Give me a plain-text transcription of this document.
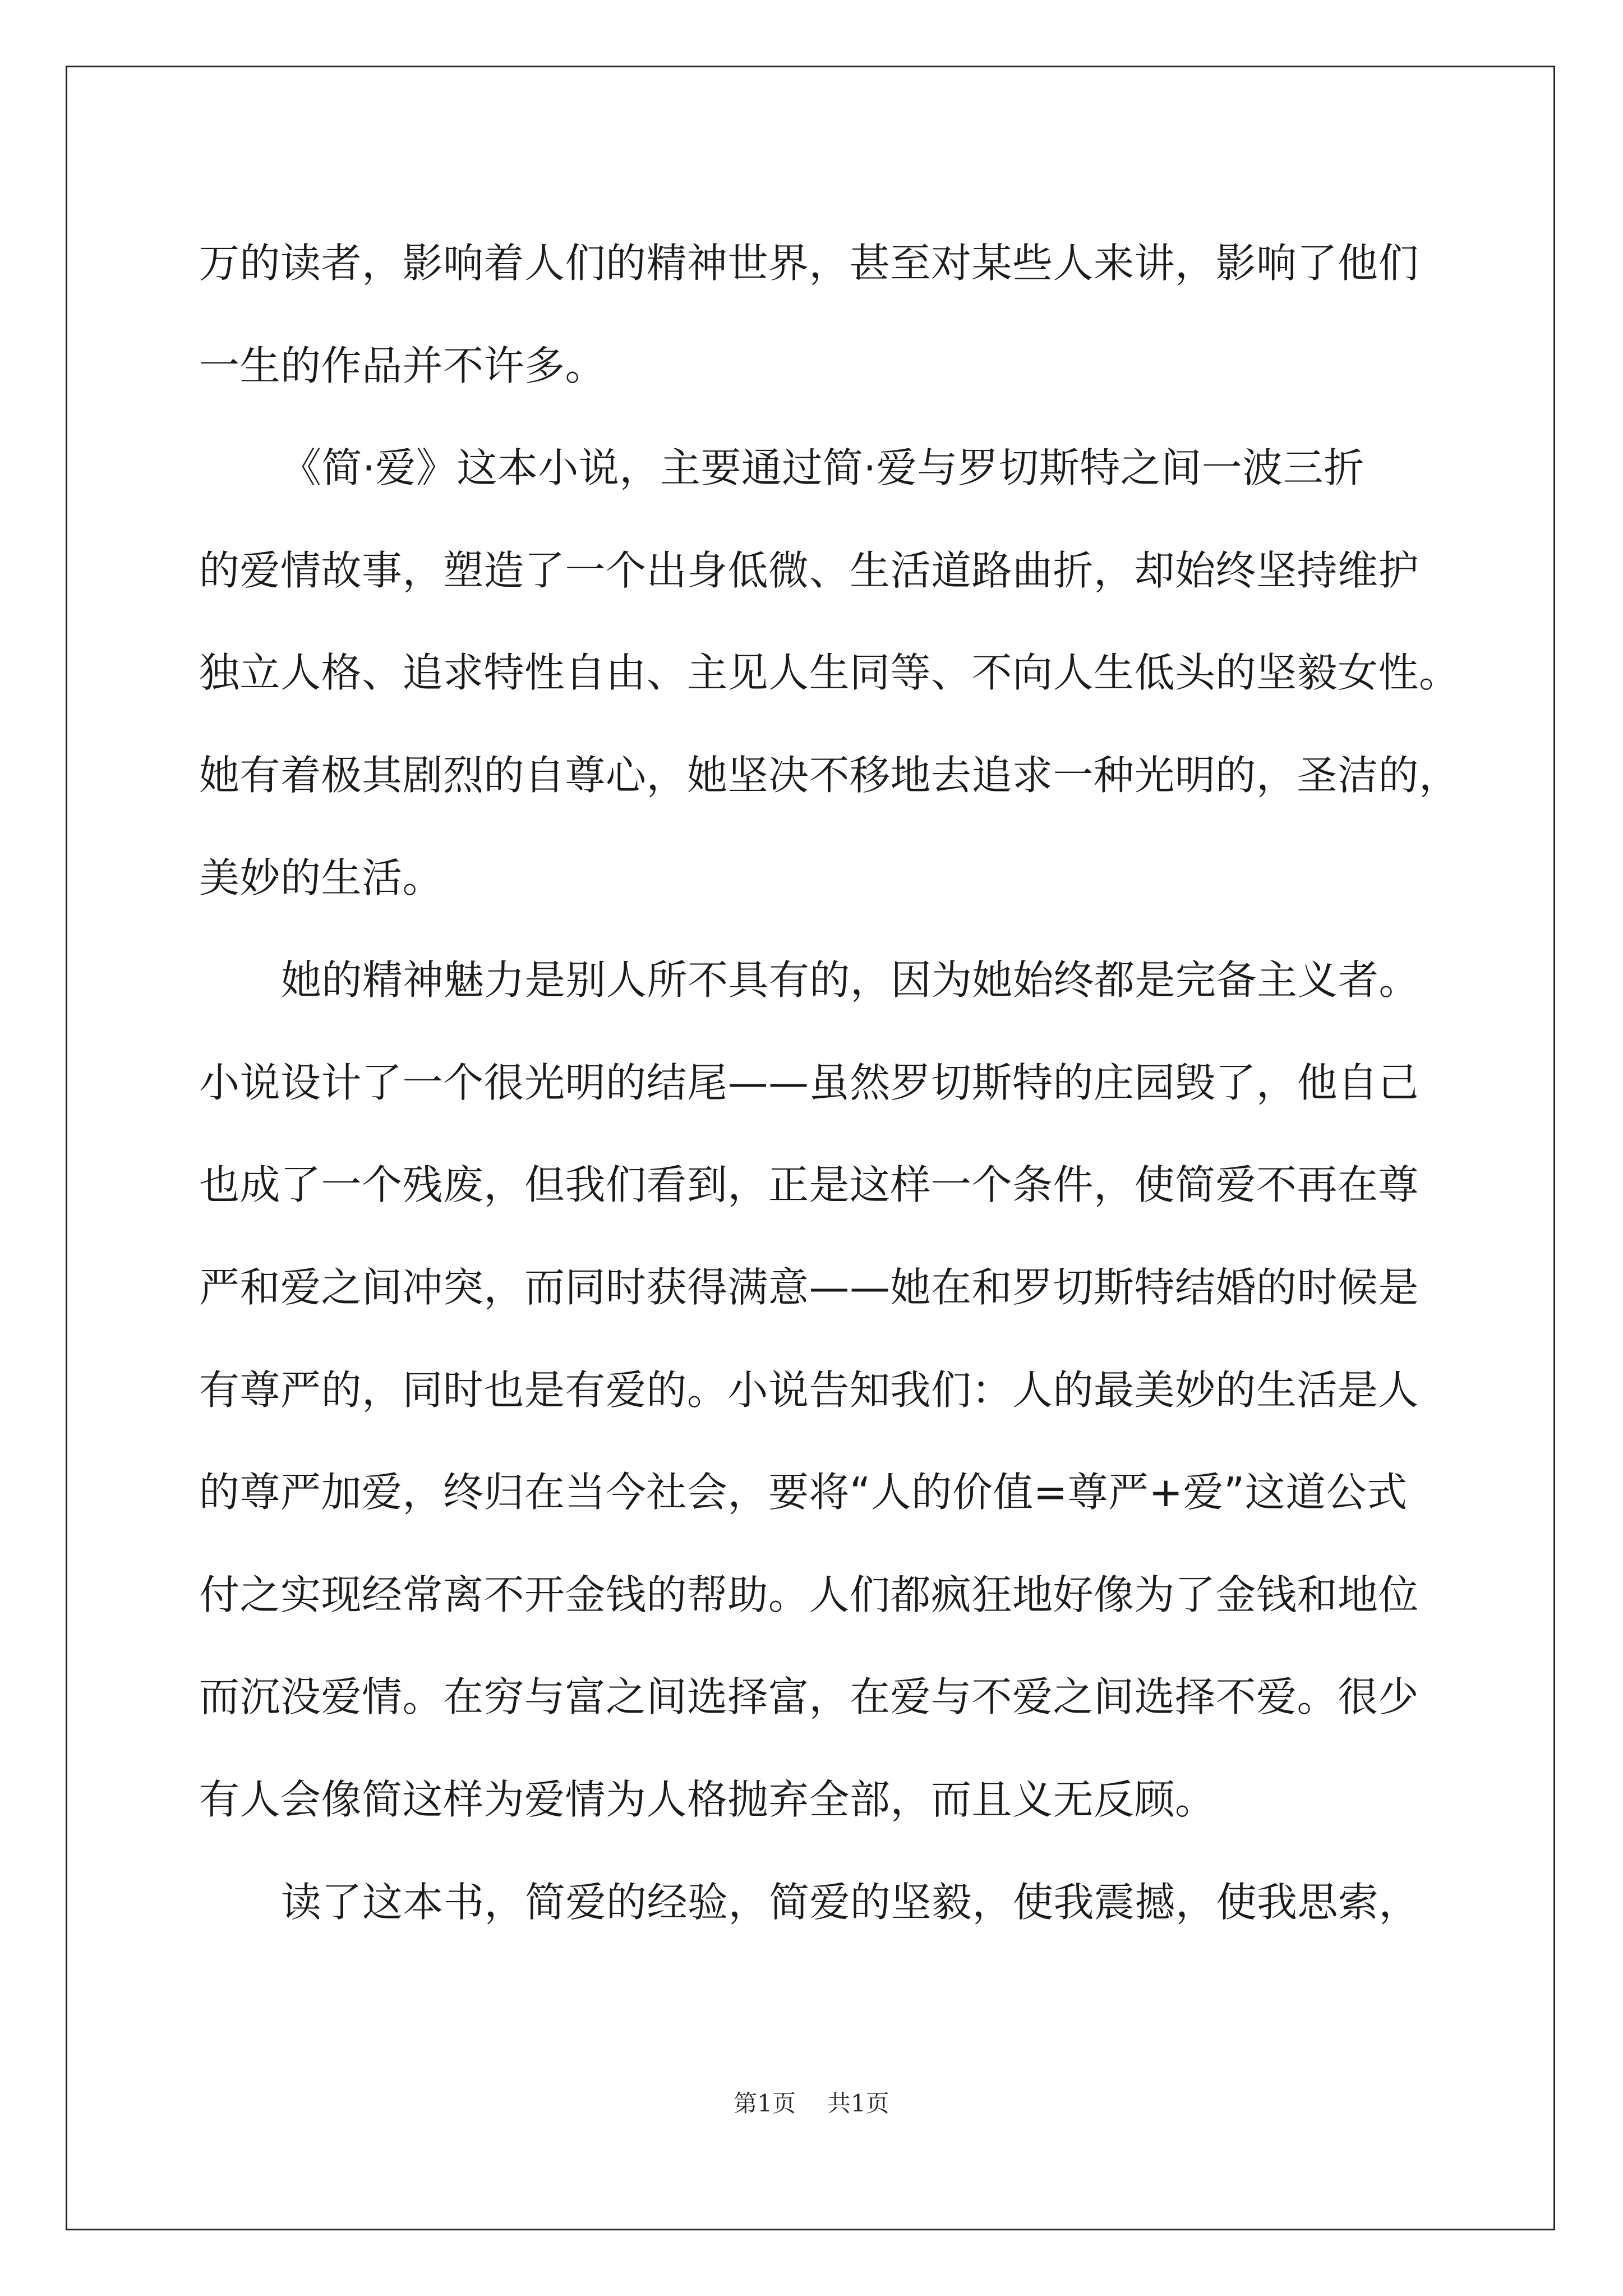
万的读者，影响着人们的精神世界，甚至对某些人来讲，影响了他们
一生的作品并不许多。
《简·爱》这本小说，主要通过简·爱与罗切斯特之间一波三折
的爱情故事，塑造了一个出身低微、生活道路曲折，却始终坚持维护
独立人格、追求特性自由、主见人生同等、不向人生低头的坚毅女性。
她有着极其剧烈的自尊心，她坚决不移地去追求一种光明的，圣洁的，
美妙的生活。
她的精神魅力是别人所不具有的，因为她始终都是完备主义者。
小说设计了一个很光明的结尾——虽然罗切斯特的庄园毁了，他自己
也成了一个残废，但我们看到，正是这样一个条件，使简爱不再在尊
严和爱之间冲突，而同时获得满意——她在和罗切斯特结婚的时候是
有尊严的，同时也是有爱的。小说告知我们：人的最美妙的生活是人
的尊严加爱，终归在当今社会，要将“人的价值=尊严+爱”这道公式
付之实现经常离不开金钱的帮助。人们都疯狂地好像为了金钱和地位
而沉没爱情。在穷与富之间选择富，在爱与不爱之间选择不爱。很少
有人会像简这样为爱情为人格抛弃全部，而且义无反顾。
读了这本书，简爱的经验，简爱的坚毅，使我震撼，使我思索，
第1页 共1页
